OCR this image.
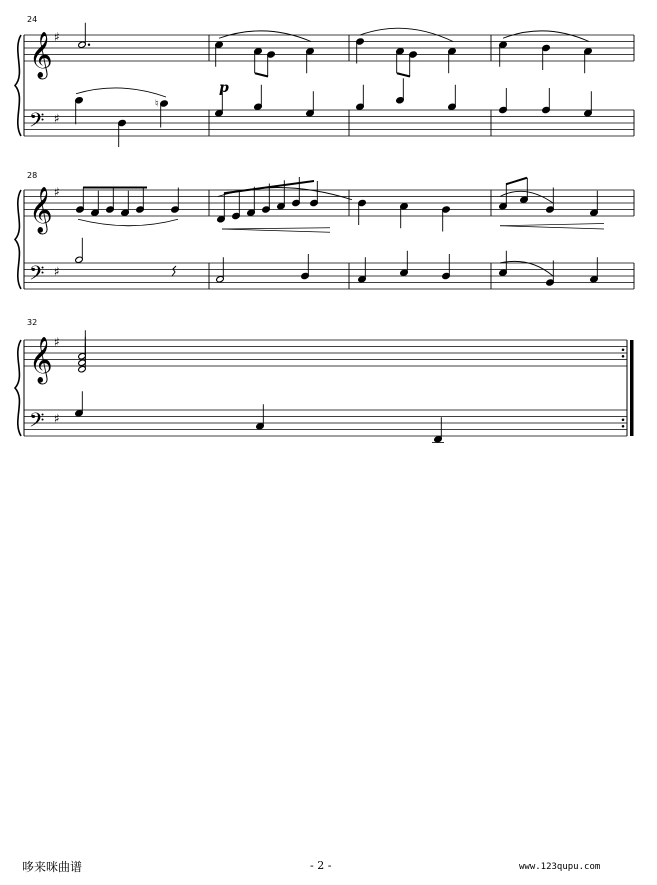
𝄞
𝄢
♯
♯
𝄞
𝄢
♯
♯
𝄞
𝄢
♯
♯
♮
24
28
32
p
哆来咪曲谱	- 2 -	www.123qupu.com
